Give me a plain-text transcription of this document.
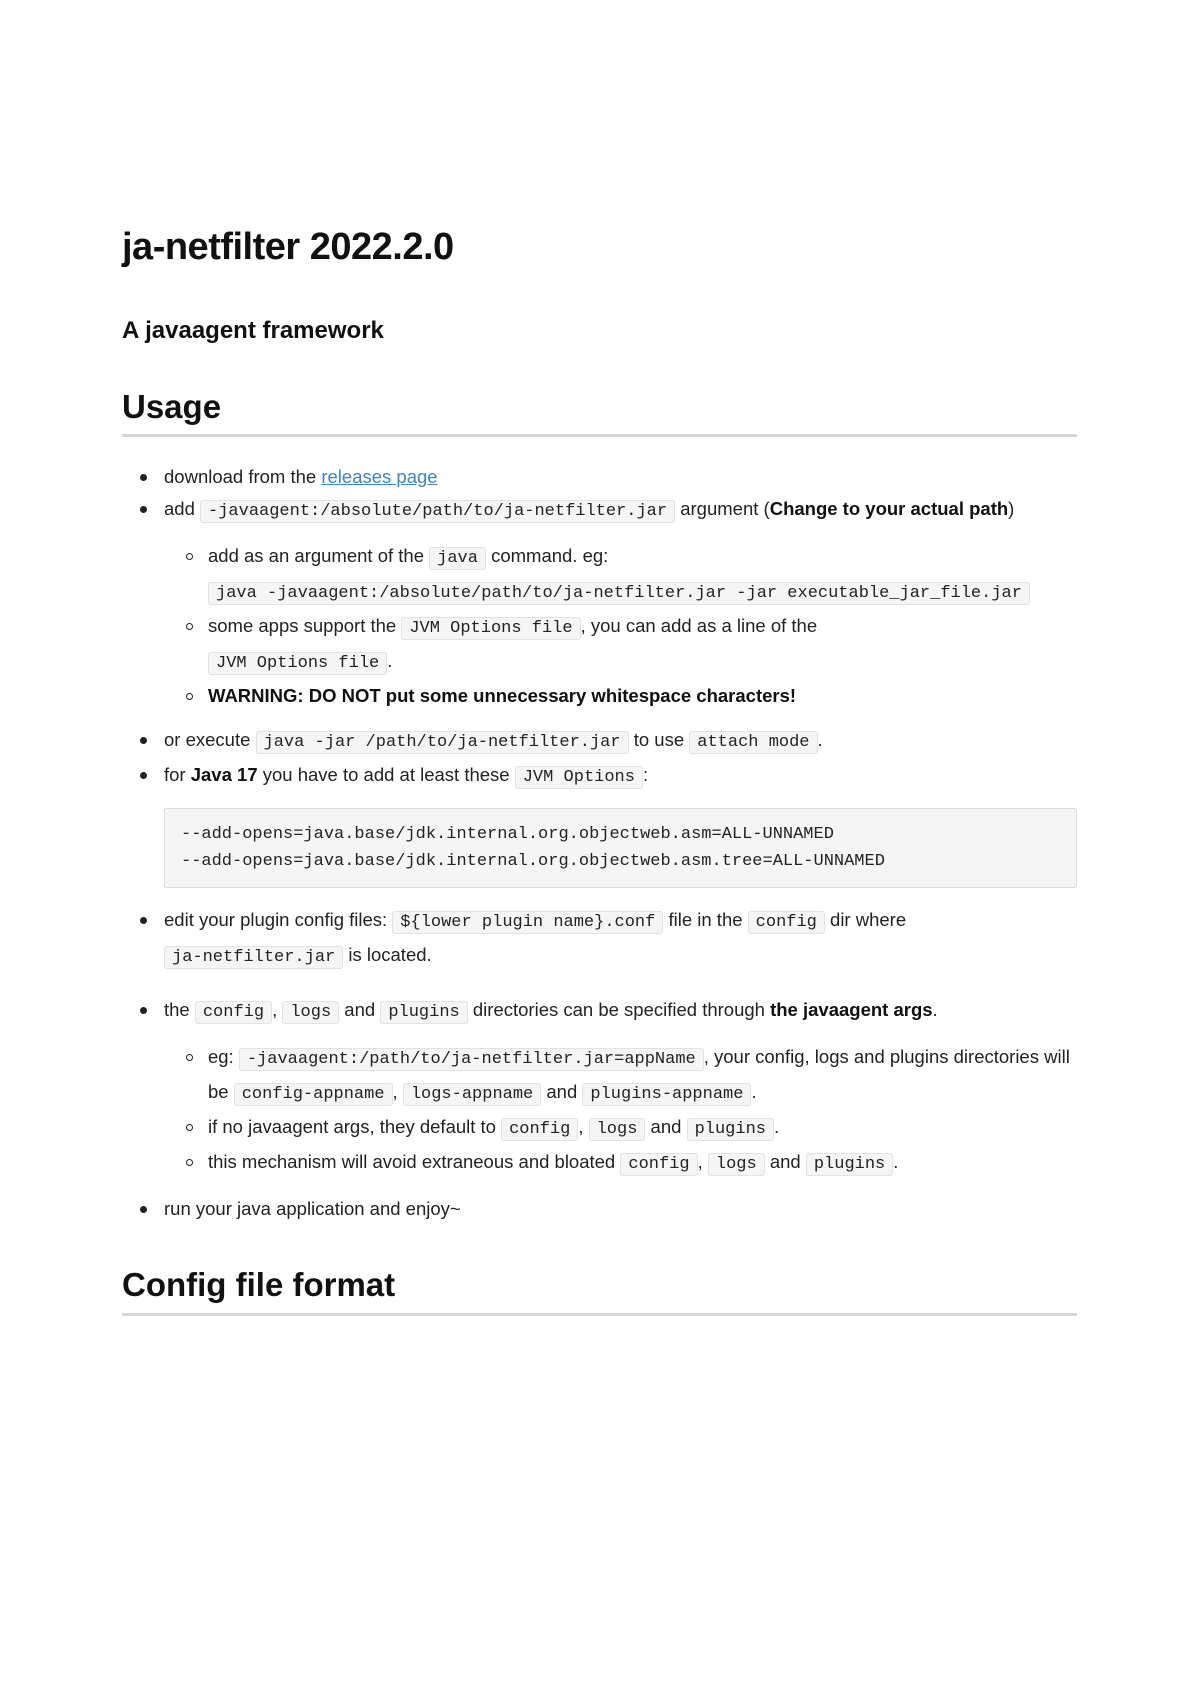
ja-netfilter 2022.2.0
A javaagent framework
Usage
download from the releases page
add -javaagent:/absolute/path/to/ja-netfilter.jar argument (Change to your actual path)
add as an argument of the java command. eg:
java -javaagent:/absolute/path/to/ja-netfilter.jar -jar executable_jar_file.jar
some apps support the JVM Options file , you can add as a line of the
JVM Options file .
WARNING: DO NOT put some unnecessary whitespace characters!
or execute java -jar /path/to/ja-netfilter.jar to use attach mode .
for Java 17 you have to add at least these JVM Options :
--add-opens=java.base/jdk.internal.org.objectweb.asm=ALL-UNNAMED
--add-opens=java.base/jdk.internal.org.objectweb.asm.tree=ALL-UNNAMED
edit your plugin config files: ${lower plugin name}.conf file in the config dir where
ja-netfilter.jar is located.
the config , logs and plugins directories can be specified through the javaagent args.
eg: -javaagent:/path/to/ja-netfilter.jar=appName , your config, logs and plugins directories will be config-appname , logs-appname and plugins-appname .
if no javaagent args, they default to config , logs and plugins .
this mechanism will avoid extraneous and bloated config , logs and plugins .
run your java application and enjoy~
Config file format
